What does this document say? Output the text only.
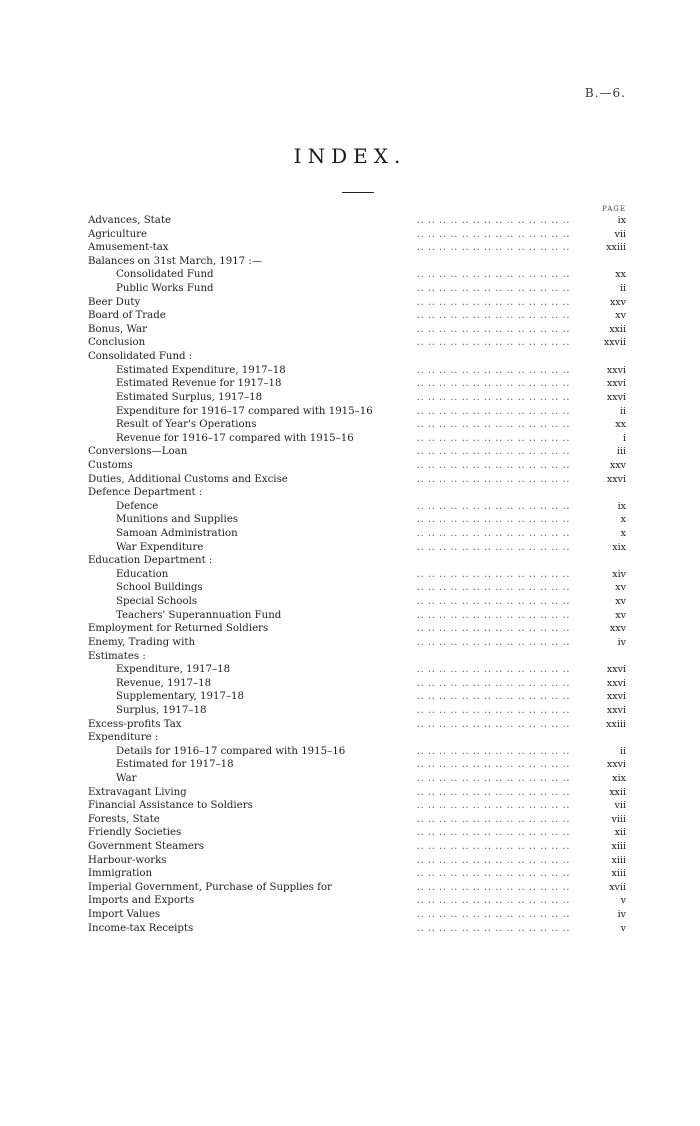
B.—6.
INDEX.
PAGE
.. .. .. .. .. .. .. .. .. .. .. .. .. ..
Advances, State	ix
.. .. .. .. .. .. .. .. .. .. .. .. .. ..
Agriculture	vii
.. .. .. .. .. .. .. .. .. .. .. .. .. ..
Amusement-tax	xxiii
Balances on 31st March, 1917 :—
.. .. .. .. .. .. .. .. .. .. .. .. .. ..
Consolidated Fund	xx
.. .. .. .. .. .. .. .. .. .. .. .. .. ..
Public Works Fund	ii
.. .. .. .. .. .. .. .. .. .. .. .. .. ..
Beer Duty	xxv
.. .. .. .. .. .. .. .. .. .. .. .. .. ..
Board of Trade	xv
.. .. .. .. .. .. .. .. .. .. .. .. .. ..
Bonus, War	xxii
.. .. .. .. .. .. .. .. .. .. .. .. .. ..
Conclusion	xxvii
Consolidated Fund :
.. .. .. .. .. .. .. .. .. .. .. .. .. ..
Estimated Expenditure, 1917–18	xxvi
.. .. .. .. .. .. .. .. .. .. .. .. .. ..
Estimated Revenue for 1917–18	xxvi
.. .. .. .. .. .. .. .. .. .. .. .. .. ..
Estimated Surplus, 1917–18	xxvi
.. .. .. .. .. .. .. .. .. .. .. .. .. ..
Expenditure for 1916–17 compared with 1915–16	ii
.. .. .. .. .. .. .. .. .. .. .. .. .. ..
Result of Year's Operations	xx
.. .. .. .. .. .. .. .. .. .. .. .. .. ..
Revenue for 1916–17 compared with 1915–16	i
.. .. .. .. .. .. .. .. .. .. .. .. .. ..
Conversions—Loan	iii
.. .. .. .. .. .. .. .. .. .. .. .. .. ..
Customs	xxv
.. .. .. .. .. .. .. .. .. .. .. .. .. ..
Duties, Additional Customs and Excise	xxvi
Defence Department :
.. .. .. .. .. .. .. .. .. .. .. .. .. ..
Defence	ix
.. .. .. .. .. .. .. .. .. .. .. .. .. ..
Munitions and Supplies	x
.. .. .. .. .. .. .. .. .. .. .. .. .. ..
Samoan Administration	x
.. .. .. .. .. .. .. .. .. .. .. .. .. ..
War Expenditure	xix
Education Department :
.. .. .. .. .. .. .. .. .. .. .. .. .. ..
Education	xiv
.. .. .. .. .. .. .. .. .. .. .. .. .. ..
School Buildings	xv
.. .. .. .. .. .. .. .. .. .. .. .. .. ..
Special Schools	xv
.. .. .. .. .. .. .. .. .. .. .. .. .. ..
Teachers' Superannuation Fund	xv
.. .. .. .. .. .. .. .. .. .. .. .. .. ..
Employment for Returned Soldiers	xxv
.. .. .. .. .. .. .. .. .. .. .. .. .. ..
Enemy, Trading with	iv
Estimates :
.. .. .. .. .. .. .. .. .. .. .. .. .. ..
Expenditure, 1917–18	xxvi
.. .. .. .. .. .. .. .. .. .. .. .. .. ..
Revenue, 1917–18	xxvi
.. .. .. .. .. .. .. .. .. .. .. .. .. ..
Supplementary, 1917–18	xxvi
.. .. .. .. .. .. .. .. .. .. .. .. .. ..
Surplus, 1917–18	xxvi
.. .. .. .. .. .. .. .. .. .. .. .. .. ..
Excess-profits Tax	xxiii
Expenditure :
.. .. .. .. .. .. .. .. .. .. .. .. .. ..
Details for 1916–17 compared with 1915–16	ii
.. .. .. .. .. .. .. .. .. .. .. .. .. ..
Estimated for 1917–18	xxvi
.. .. .. .. .. .. .. .. .. .. .. .. .. ..
War	xix
.. .. .. .. .. .. .. .. .. .. .. .. .. ..
Extravagant Living	xxii
.. .. .. .. .. .. .. .. .. .. .. .. .. ..
Financial Assistance to Soldiers	vii
.. .. .. .. .. .. .. .. .. .. .. .. .. ..
Forests, State	viii
.. .. .. .. .. .. .. .. .. .. .. .. .. ..
Friendly Societies	xii
.. .. .. .. .. .. .. .. .. .. .. .. .. ..
Government Steamers	xiii
.. .. .. .. .. .. .. .. .. .. .. .. .. ..
Harbour-works	xiii
.. .. .. .. .. .. .. .. .. .. .. .. .. ..
Immigration	xiii
.. .. .. .. .. .. .. .. .. .. .. .. .. ..
Imperial Government, Purchase of Supplies for	xvii
.. .. .. .. .. .. .. .. .. .. .. .. .. ..
Imports and Exports	v
.. .. .. .. .. .. .. .. .. .. .. .. .. ..
Import Values	iv
.. .. .. .. .. .. .. .. .. .. .. .. .. ..
Income-tax Receipts	v
